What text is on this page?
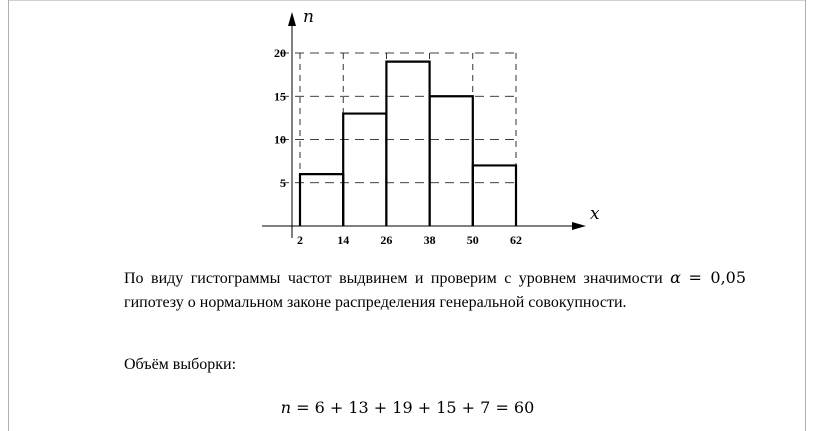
2	14	26	38	50	62
5
10
15
20
n
x
По виду гистограммы частот выдвинем и проверим с уровнем значимости α = 0,05 гипотезу о нормальном законе распределения генеральной совокупности.
Объём выборки:
n = 6 + 13 + 19 + 15 + 7 = 60
